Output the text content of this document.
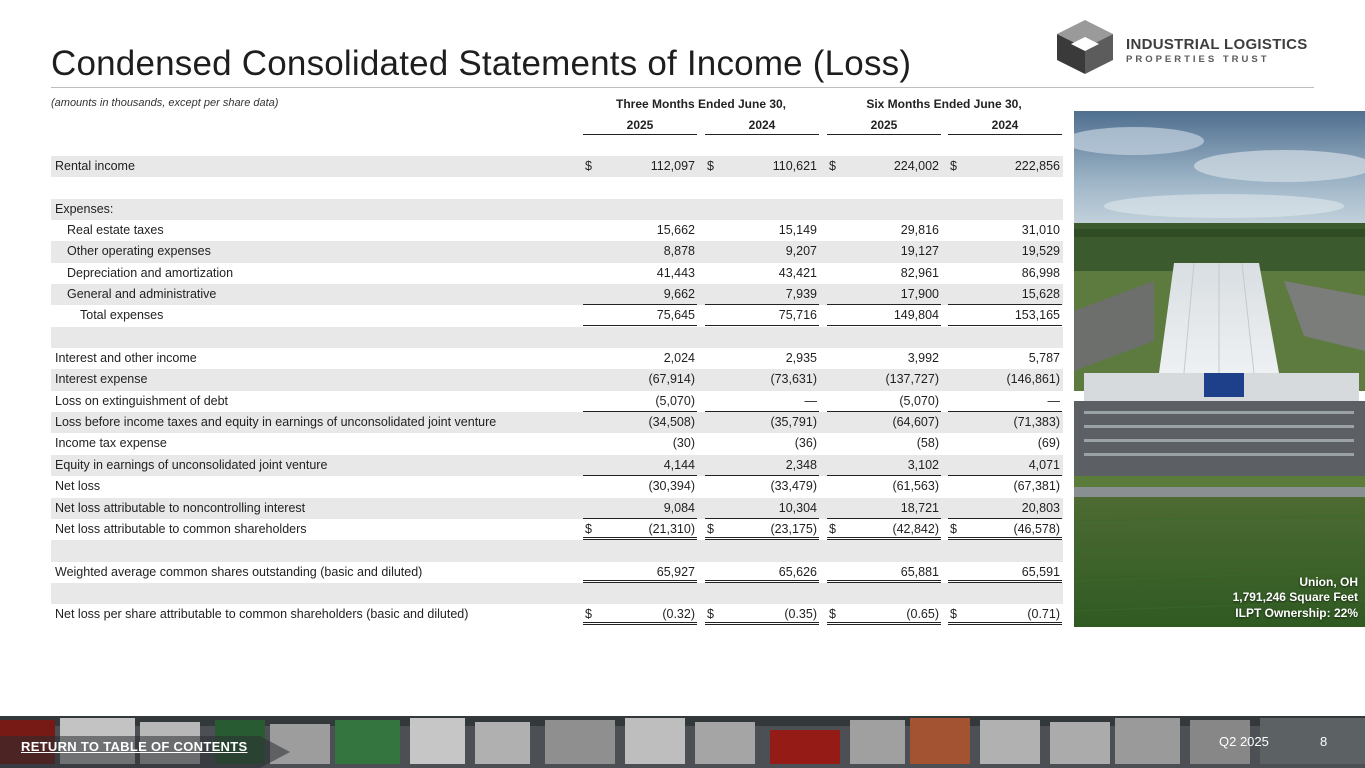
Condensed Consolidated Statements of Income (Loss)	INDUSTRIAL LOGISTICS
PROPERTIES TRUST
(amounts in thousands, except per share data)	Three Months Ended June 30,	Six Months Ended June 30,
2025	2024	2025	2024
Rental income	$	112,097 $	110,621 $	224,002 $	222,856
Expenses:
Real estate taxes	15,662	15,149	29,816	31,010
Other operating expenses	8,878	9,207	19,127	19,529
Depreciation and amortization	41,443	43,421	82,961	86,998
General and administrative	9,662	7,939	17,900	15,628
Total expenses	75,645	75,716	149,804	153,165
Interest and other income	2,024	2,935	3,992	5,787
Interest expense	(67,914)	(73,631)	(137,727)	(146,861)
Loss on extinguishment of debt	(5,070)	—	(5,070)	—
Loss before income taxes and equity in earnings of unconsolidated joint venture	(34,508)	(35,791)	(64,607)	(71,383)
Income tax expense	(30)	(36)	(58)	(69)
Equity in earnings of unconsolidated joint venture	4,144	2,348	3,102	4,071
Net loss	(30,394)	(33,479)	(61,563)	(67,381)
Net loss attributable to noncontrolling interest	9,084	10,304	18,721	20,803
Net loss attributable to common shareholders	$	(21,310) $	(23,175) $	(42,842) $	(46,578)
Weighted average common shares outstanding (basic and diluted)	65,927	65,626	65,881	65,591
Net loss per share attributable to common shareholders (basic and diluted)	$	(0.32) $	(0.35) $	(0.65) $	(0.71)
Union, OH
1,791,246 Square Feet
ILPT Ownership: 22%
RETURN TO TABLE OF CONTENTS	Q2 2025	8
